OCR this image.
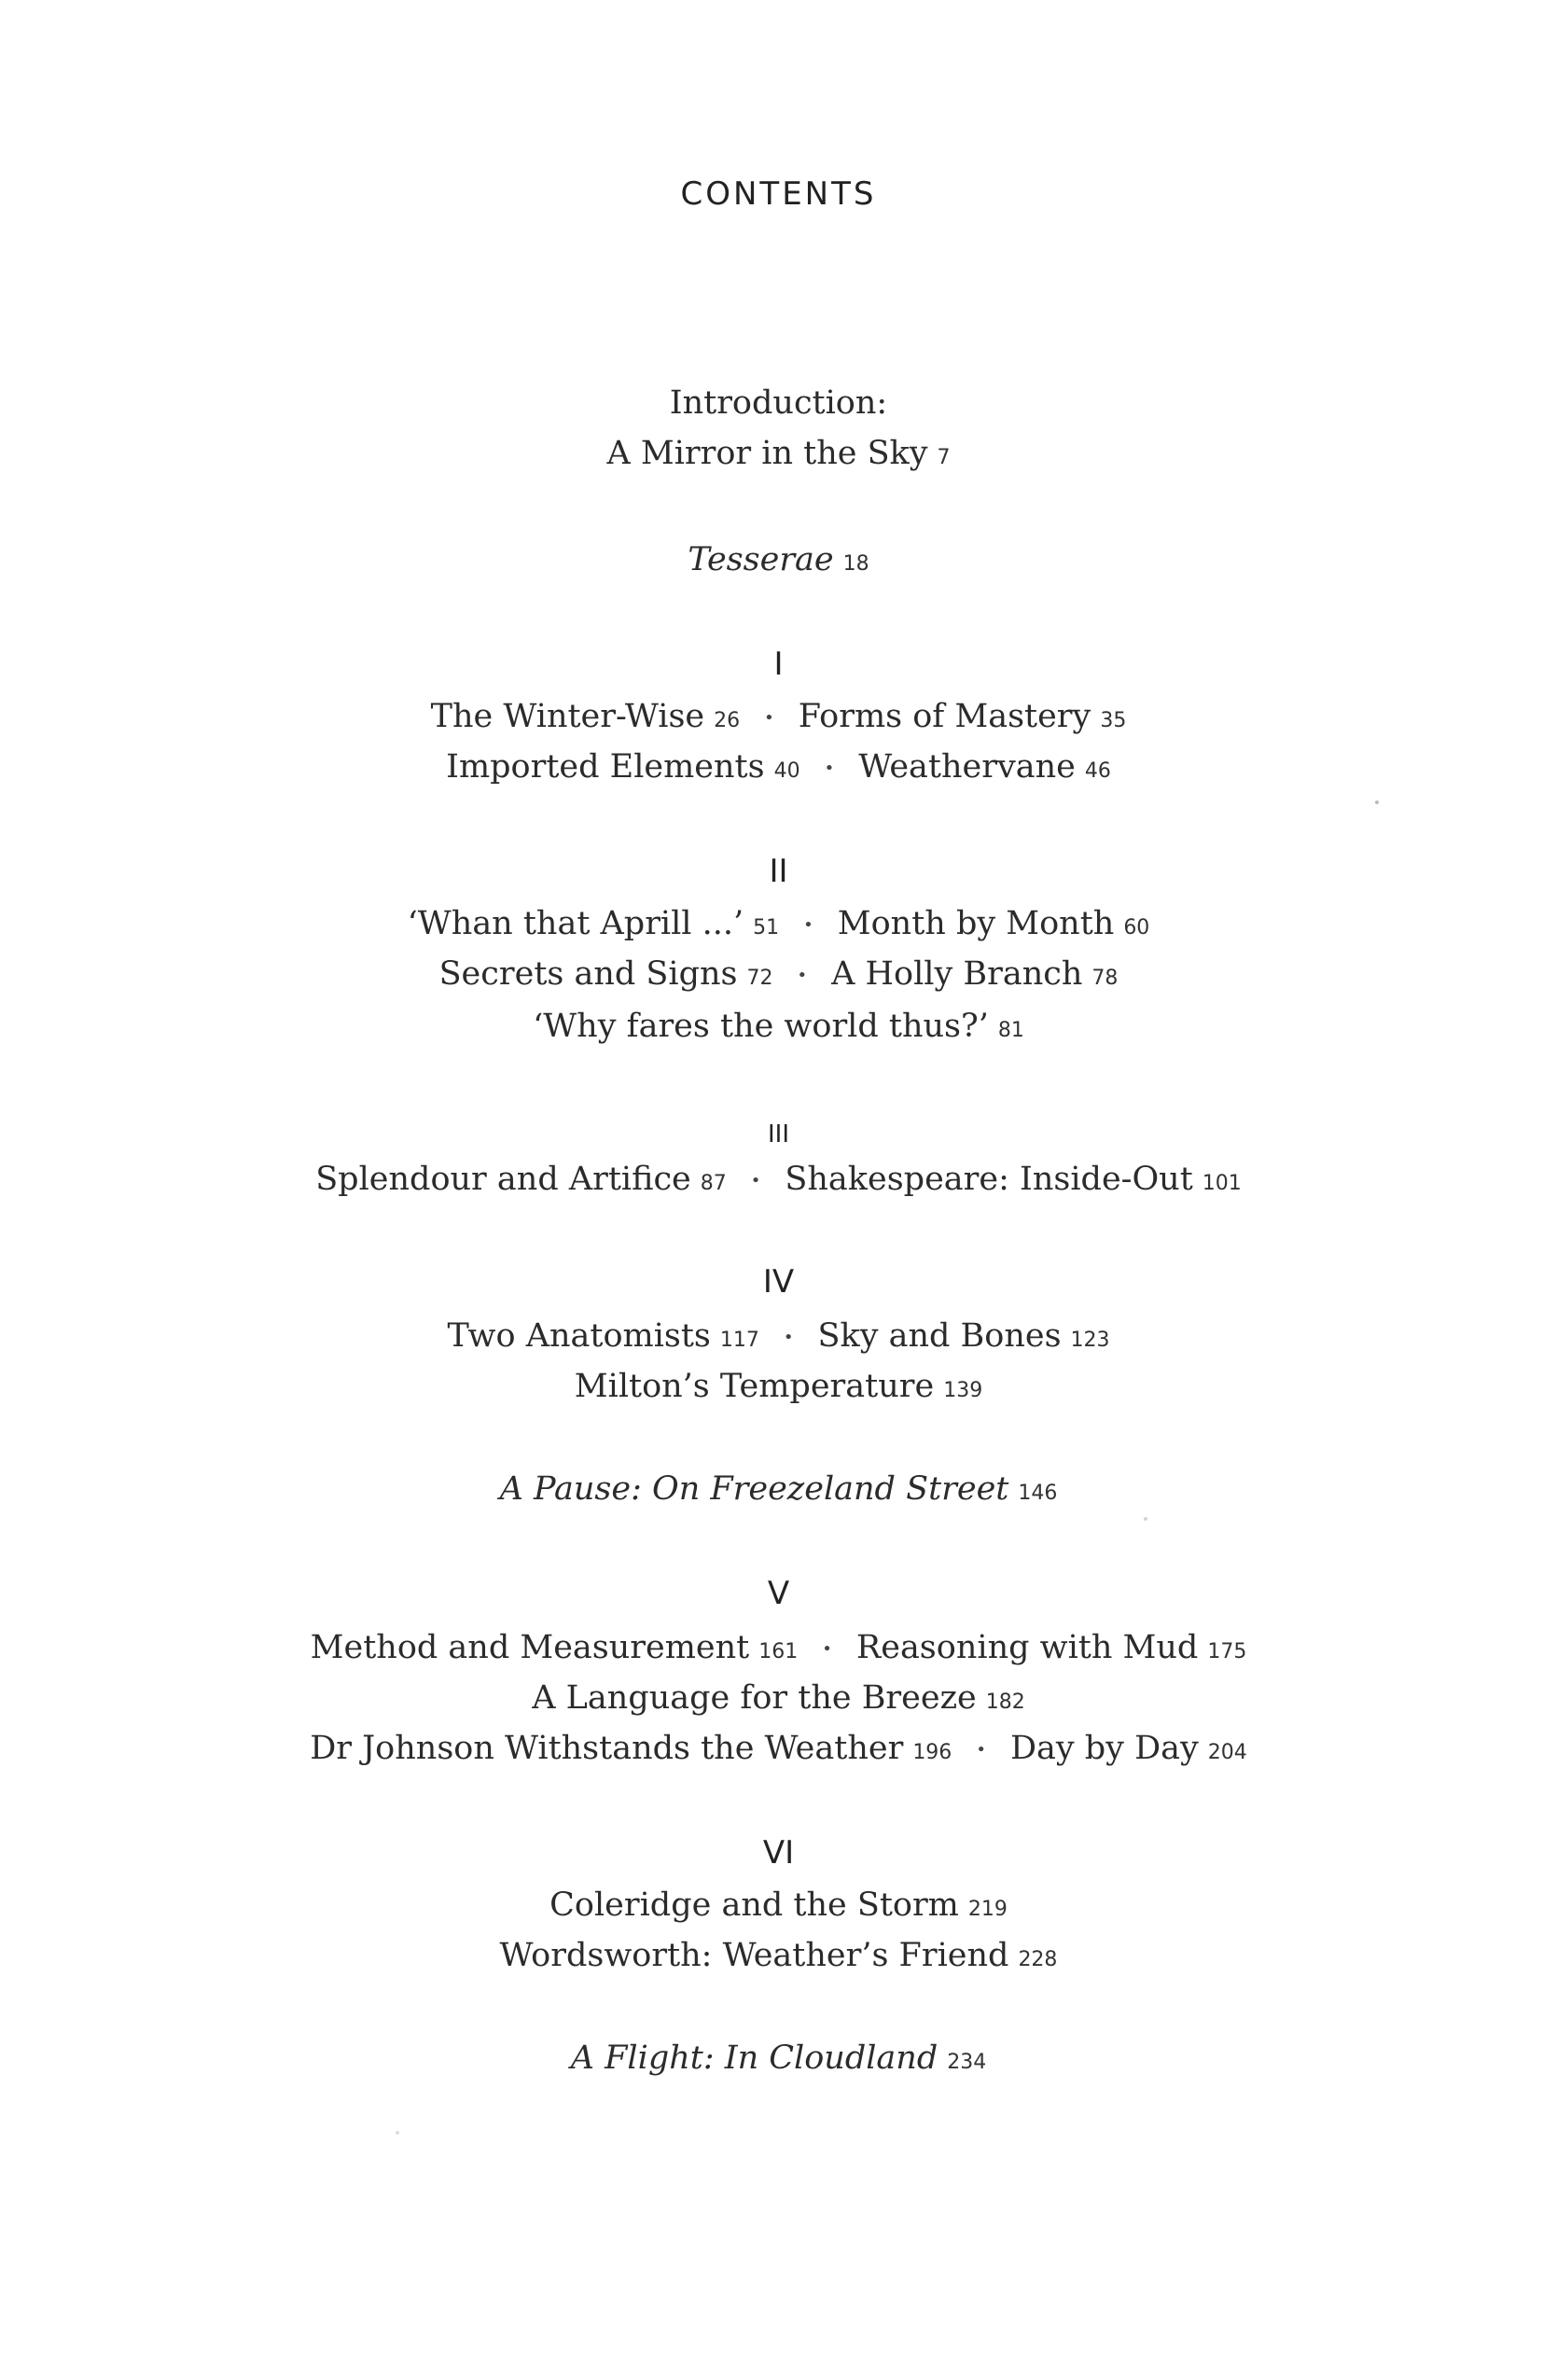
CONTENTS
Introduction:
A Mirror in the Sky 7
Tesserae 18
I
The Winter-Wise 26 • Forms of Mastery 35
Imported Elements 40 • Weathervane 46
II
‘Whan that Aprill ...’ 51 • Month by Month 60
Secrets and Signs 72 • A Holly Branch 78
‘Why fares the world thus?’ 81
III
Splendour and Artifice 87 • Shakespeare: Inside-Out 101
IV
Two Anatomists 117 • Sky and Bones 123
Milton’s Temperature 139
A Pause: On Freezeland Street 146
V
Method and Measurement 161 • Reasoning with Mud 175
A Language for the Breeze 182
Dr Johnson Withstands the Weather 196 • Day by Day 204
VI
Coleridge and the Storm 219
Wordsworth: Weather’s Friend 228
A Flight: In Cloudland 234
